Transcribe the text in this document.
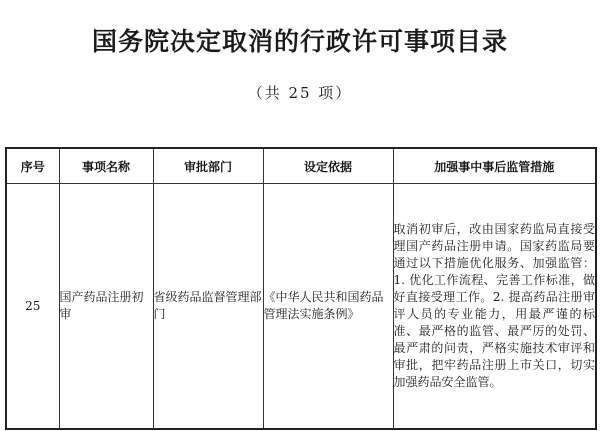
国务院决定取消的行政许可事项目录
（共 25 项）
序号	事项名称	审批部门	设定依据	加强事中事后监管措施
25	国产药品注册初审	省级药品监督管理部门	《中华人民共和国药品管理法实施条例》	取消初审后，改由国家药监局直接受理国产药品注册申请。国家药监局要通过以下措施优化服务、加强监管：1. 优化工作流程、完善工作标准，做好直接受理工作。2. 提高药品注册审评人员的专业能力，用最严谨的标准、最严格的监管、最严厉的处罚、最严肃的问责，严格实施技术审评和审批，把牢药品注册上市关口，切实加强药品安全监管。
